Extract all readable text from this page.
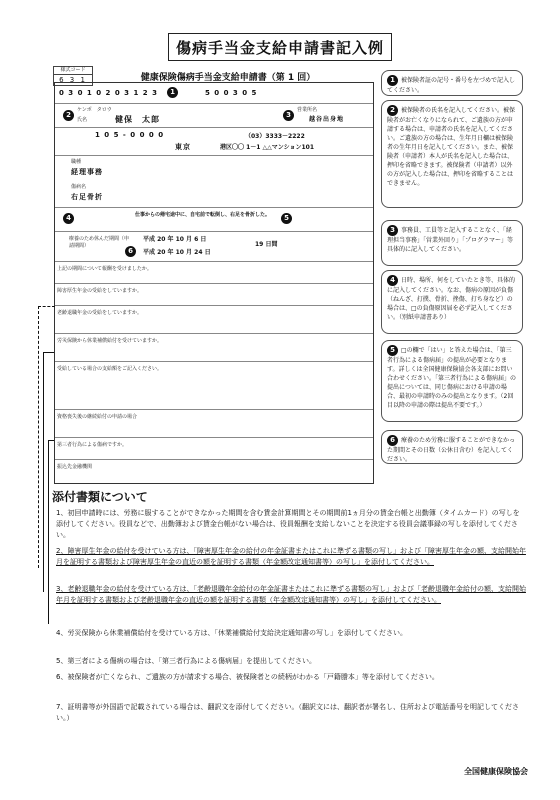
傷病手当金支給申請書記入例
様式コード
6 3 1	健康保険傷病手当金支給申請書（第 1 回）
0 3 0 1 0 2 0 3 1 2 3	1	5 0 0 3 0 5
2
ケンポ　タロウ
氏名	健保　太郎	3
営業所名
越谷出身地
1 0 5 - 0 0 0 0
東京	港区〇〇 1－1 △△マンション101
（03）3333－2222
職種
経理事務
傷病名
右足骨折
4	仕事からの帰宅途中に、自宅前で転倒し、右足を骨折した。	5
療養のため休んだ期間（申請期間）
6
平成 20 年 10 月 6 日
平成 20 年 10 月 24 日
19 日間
上記の期間について報酬を受けましたか。
障害厚生年金の受給をしていますか。
老齢退職年金の受給をしていますか。
労災保険から休業補償給付を受けていますか。
受給している場合の支給額をご記入ください。
資格喪失後の継続給付の申請の場合
第三者行為による傷病ですか。
振込先金融機関
1 被保険者証の記号・番号を左づめで記入してください。
2 被保険者の氏名を記入してください。被保険者がお亡くなりになられて、ご遺族の方が申請する場合は、申請者の氏名を記入してください。ご遺族の方の場合は、生年月日欄は被保険者の生年月日を記入してください。また、被保険者（申請者）本人が氏名を記入した場合は、押印を省略できます。被保険者（申請者）以外の方が記入した場合は、押印を省略することはできません。
3 事務員、工員等と記入することなく、「経理担当事務」「営業外回り」「プログラマー」等具体的に記入してください。
4 日時、場所、何をしていたとき等、具体的に記入してください。なお、傷病の原因が負傷（ねんざ、打撲、骨折、挫傷、打ち身など）の場合は、□の負傷原因届を必ず記入してください。（別紙申請書あり）
5 □の欄で「はい」と答えた場合は、「第三者行為による傷病届」の提出が必要となります。詳しくは全国健康保険協会各支部にお問い合わせください。「第三者行為による傷病届」の提出については、同じ傷病における申請の場合、最初の申請時のみの提出となります。（2回目以降の申請の際は提出不要です。）
6 療養のため労務に服することができなかった期間とその日数（公休日含む）を記入してください。
添付書類について
1、初回申請時には、労務に服することができなかった期間を含む賃金計算期間とその期間前1ヵ月分の賃金台帳と出勤簿（タイムカード）の写しを添付してください。役員などで、出勤簿および賃金台帳がない場合は、役員報酬を支給しないことを決定する役員会議事録の写しを添付してください。
2、障害厚生年金の給付を受けている方は、「障害厚生年金の給付の年金証書またはこれに準ずる書類の写し」および「障害厚生年金の額、支給開始年月を証明する書類および障害厚生年金の直近の額を証明する書類（年金額改定通知書等）の写し」を添付してください。
3、老齢退職年金の給付を受けている方は、「老齢退職年金給付の年金証書またはこれに準ずる書類の写し」および「老齢退職年金給付の額、支給開始年月を証明する書類および老齢退職年金の直近の額を証明する書類（年金額改定通知書等）の写し」を添付してください。
4、労災保険から休業補償給付を受けている方は、「休業補償給付支給決定通知書の写し」を添付してください。
5、第三者による傷病の場合は、「第三者行為による傷病届」を提出してください。
6、被保険者が亡くなられ、ご遺族の方が請求する場合、被保険者との続柄がわかる「戸籍謄本」等を添付してください。
7、証明書等が外国語で記載されている場合は、翻訳文を添付してください。（翻訳文には、翻訳者が署名し、住所および電話番号を明記してください。）
全国健康保険協会
